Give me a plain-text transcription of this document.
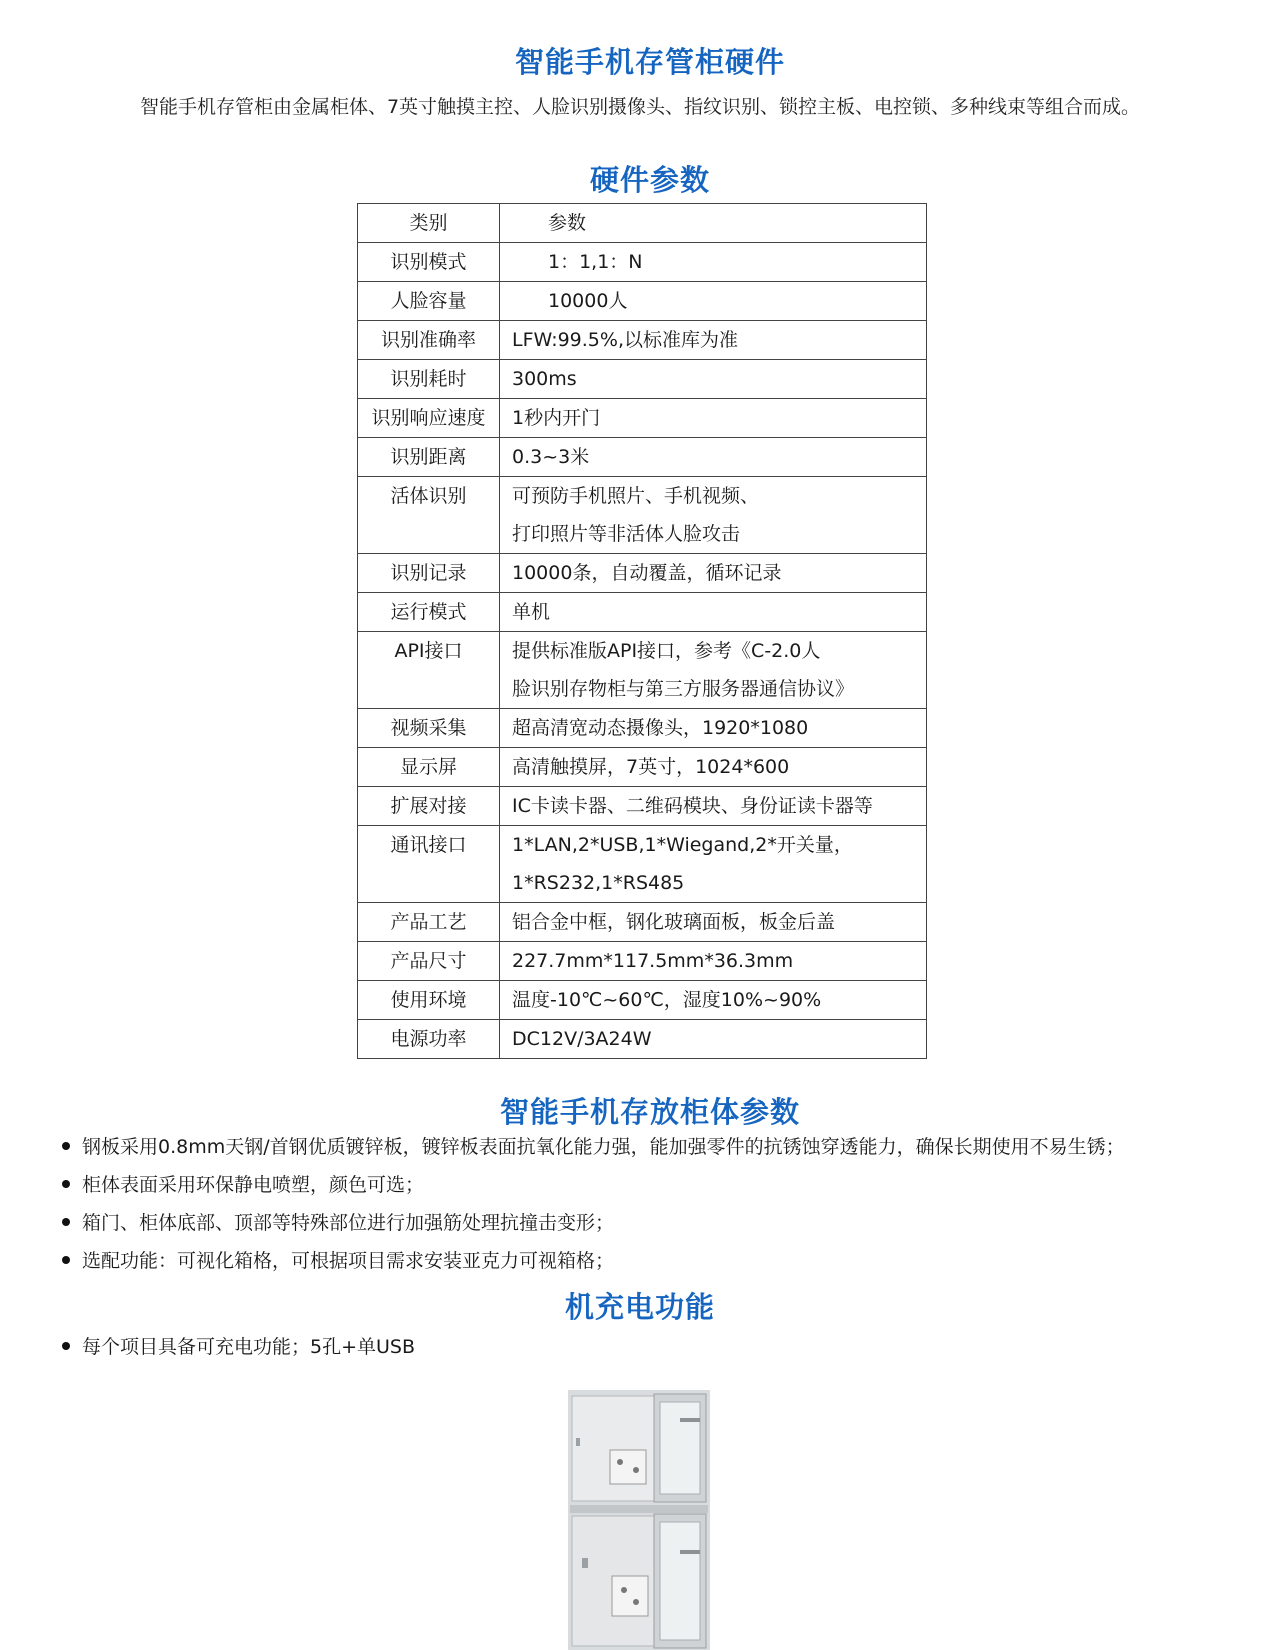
智能手机存管柜硬件
智能手机存管柜由金属柜体、7英寸触摸主控、人脸识别摄像头、指纹识别、锁控主板、电控锁、多种线束等组合而成。
硬件参数
类别	参数
识别模式	1：1,1：N

人脸容量	10000人

识别准确率	LFW:99.5%,以标准库为准

识别耗时	300ms

识别响应速度	1秒内开门

识别距离	0.3~3米

活体识别	可预防手机照片、手机视频、
打印照片等非活体人脸攻击

识别记录	10000条，自动覆盖，循环记录

运行模式	单机

API接口	提供标准版API接口，参考《C-2.0人
脸识别存物柜与第三方服务器通信协议》

视频采集	超高清宽动态摄像头，1920*1080

显示屏	高清触摸屏，7英寸，1024*600

扩展对接	IC卡读卡器、二维码模块、身份证读卡器等

通讯接口	1*LAN,2*USB,1*Wiegand,2*开关量，
1*RS232,1*RS485

产品工艺	铝合金中框，钢化玻璃面板，板金后盖

产品尺寸	227.7mm*117.5mm*36.3mm

使用环境	温度-10℃~60℃，湿度10%~90%

电源功率	DC12V/3A24W
智能手机存放柜体参数
钢板采用0.8mm天钢/首钢优质镀锌板，镀锌板表面抗氧化能力强，能加强零件的抗锈蚀穿透能力，确保长期使用不易生锈；
柜体表面采用环保静电喷塑，颜色可选；
箱门、柜体底部、顶部等特殊部位进行加强筋处理抗撞击变形；
选配功能：可视化箱格，可根据项目需求安装亚克力可视箱格；
机充电功能
每个项目具备可充电功能；5孔+单USB
